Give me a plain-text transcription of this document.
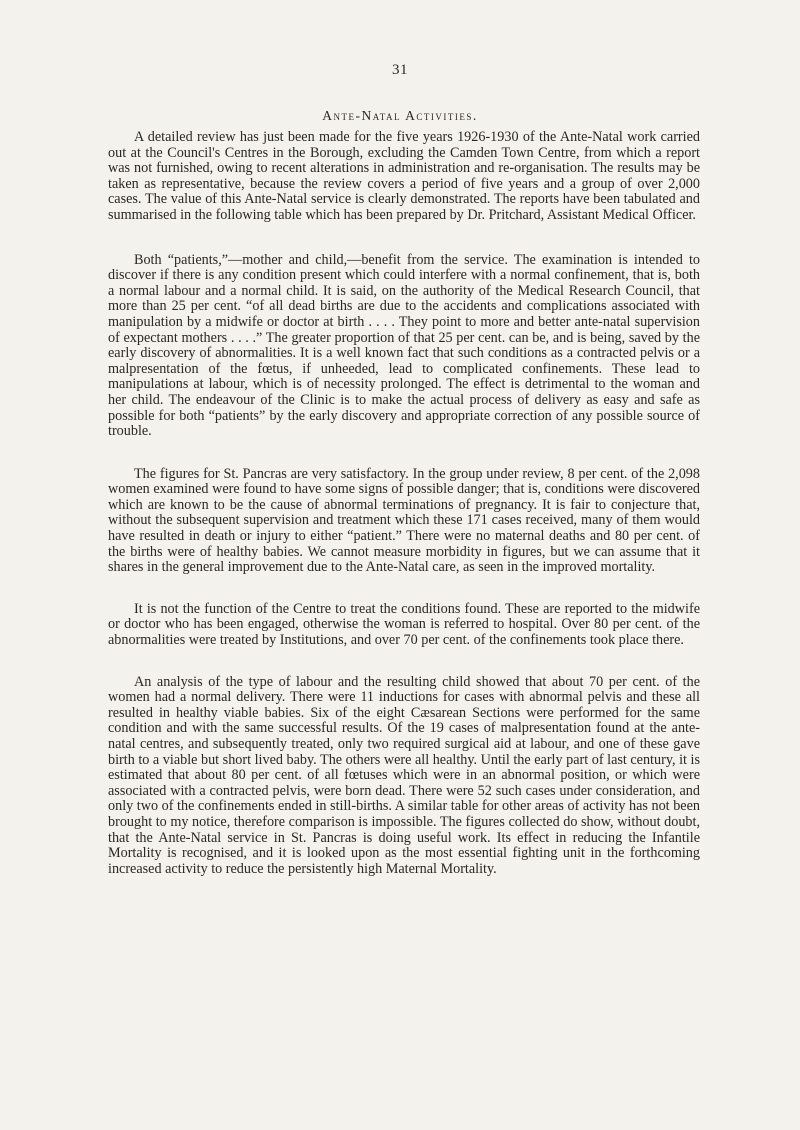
31
Ante-Natal Activities.

A detailed review has just been made for the five years 1926-1930 of the Ante-Natal work carried out at the Council's Centres in the Borough, excluding the Camden Town Centre, from which a report was not furnished, owing to recent alterations in administration and re-organisation. The results may be taken as representative, because the review covers a period of five years and a group of over 2,000 cases. The value of this Ante-Natal service is clearly demonstrated. The reports have been tabulated and summarised in the following table which has been prepared by Dr. Pritchard, Assistant Medical Officer.

Both “patients,”—mother and child,—benefit from the service. The examination is intended to discover if there is any condition present which could interfere with a normal confinement, that is, both a normal labour and a normal child. It is said, on the authority of the Medical Research Council, that more than 25 per cent. “of all dead births are due to the accidents and complications associated with manipulation by a midwife or doctor at birth . . . . They point to more and better ante-natal supervision of expectant mothers . . . .” The greater proportion of that 25 per cent. can be, and is being, saved by the early discovery of abnormalities. It is a well known fact that such conditions as a contracted pelvis or a malpresentation of the fœtus, if unheeded, lead to complicated confinements. These lead to manipulations at labour, which is of necessity prolonged. The effect is detrimental to the woman and her child. The endeavour of the Clinic is to make the actual process of delivery as easy and safe as possible for both “patients” by the early discovery and appropriate correction of any possible source of trouble.

The figures for St. Pancras are very satisfactory. In the group under review, 8 per cent. of the 2,098 women examined were found to have some signs of possible danger; that is, conditions were discovered which are known to be the cause of abnormal terminations of pregnancy. It is fair to conjecture that, without the subsequent supervision and treatment which these 171 cases received, many of them would have resulted in death or injury to either “patient.” There were no maternal deaths and 80 per cent. of the births were of healthy babies. We cannot measure morbidity in figures, but we can assume that it shares in the general improvement due to the Ante-Natal care, as seen in the improved mortality.

It is not the function of the Centre to treat the conditions found. These are reported to the midwife or doctor who has been engaged, otherwise the woman is referred to hospital. Over 80 per cent. of the abnormalities were treated by Institutions, and over 70 per cent. of the confinements took place there.

An analysis of the type of labour and the resulting child showed that about 70 per cent. of the women had a normal delivery. There were 11 inductions for cases with abnormal pelvis and these all resulted in healthy viable babies. Six of the eight Cæsarean Sections were performed for the same condition and with the same successful results. Of the 19 cases of malpresentation found at the ante-natal centres, and subsequently treated, only two required surgical aid at labour, and one of these gave birth to a viable but short lived baby. The others were all healthy. Until the early part of last century, it is estimated that about 80 per cent. of all fœtuses which were in an abnormal position, or which were associated with a contracted pelvis, were born dead. There were 52 such cases under consideration, and only two of the confinements ended in still-births. A similar table for other areas of activity has not been brought to my notice, therefore comparison is impossible. The figures collected do show, without doubt, that the Ante-Natal service in St. Pancras is doing useful work. Its effect in reducing the Infantile Mortality is recognised, and it is looked upon as the most essential fighting unit in the forthcoming increased activity to reduce the persistently high Maternal Mortality.
